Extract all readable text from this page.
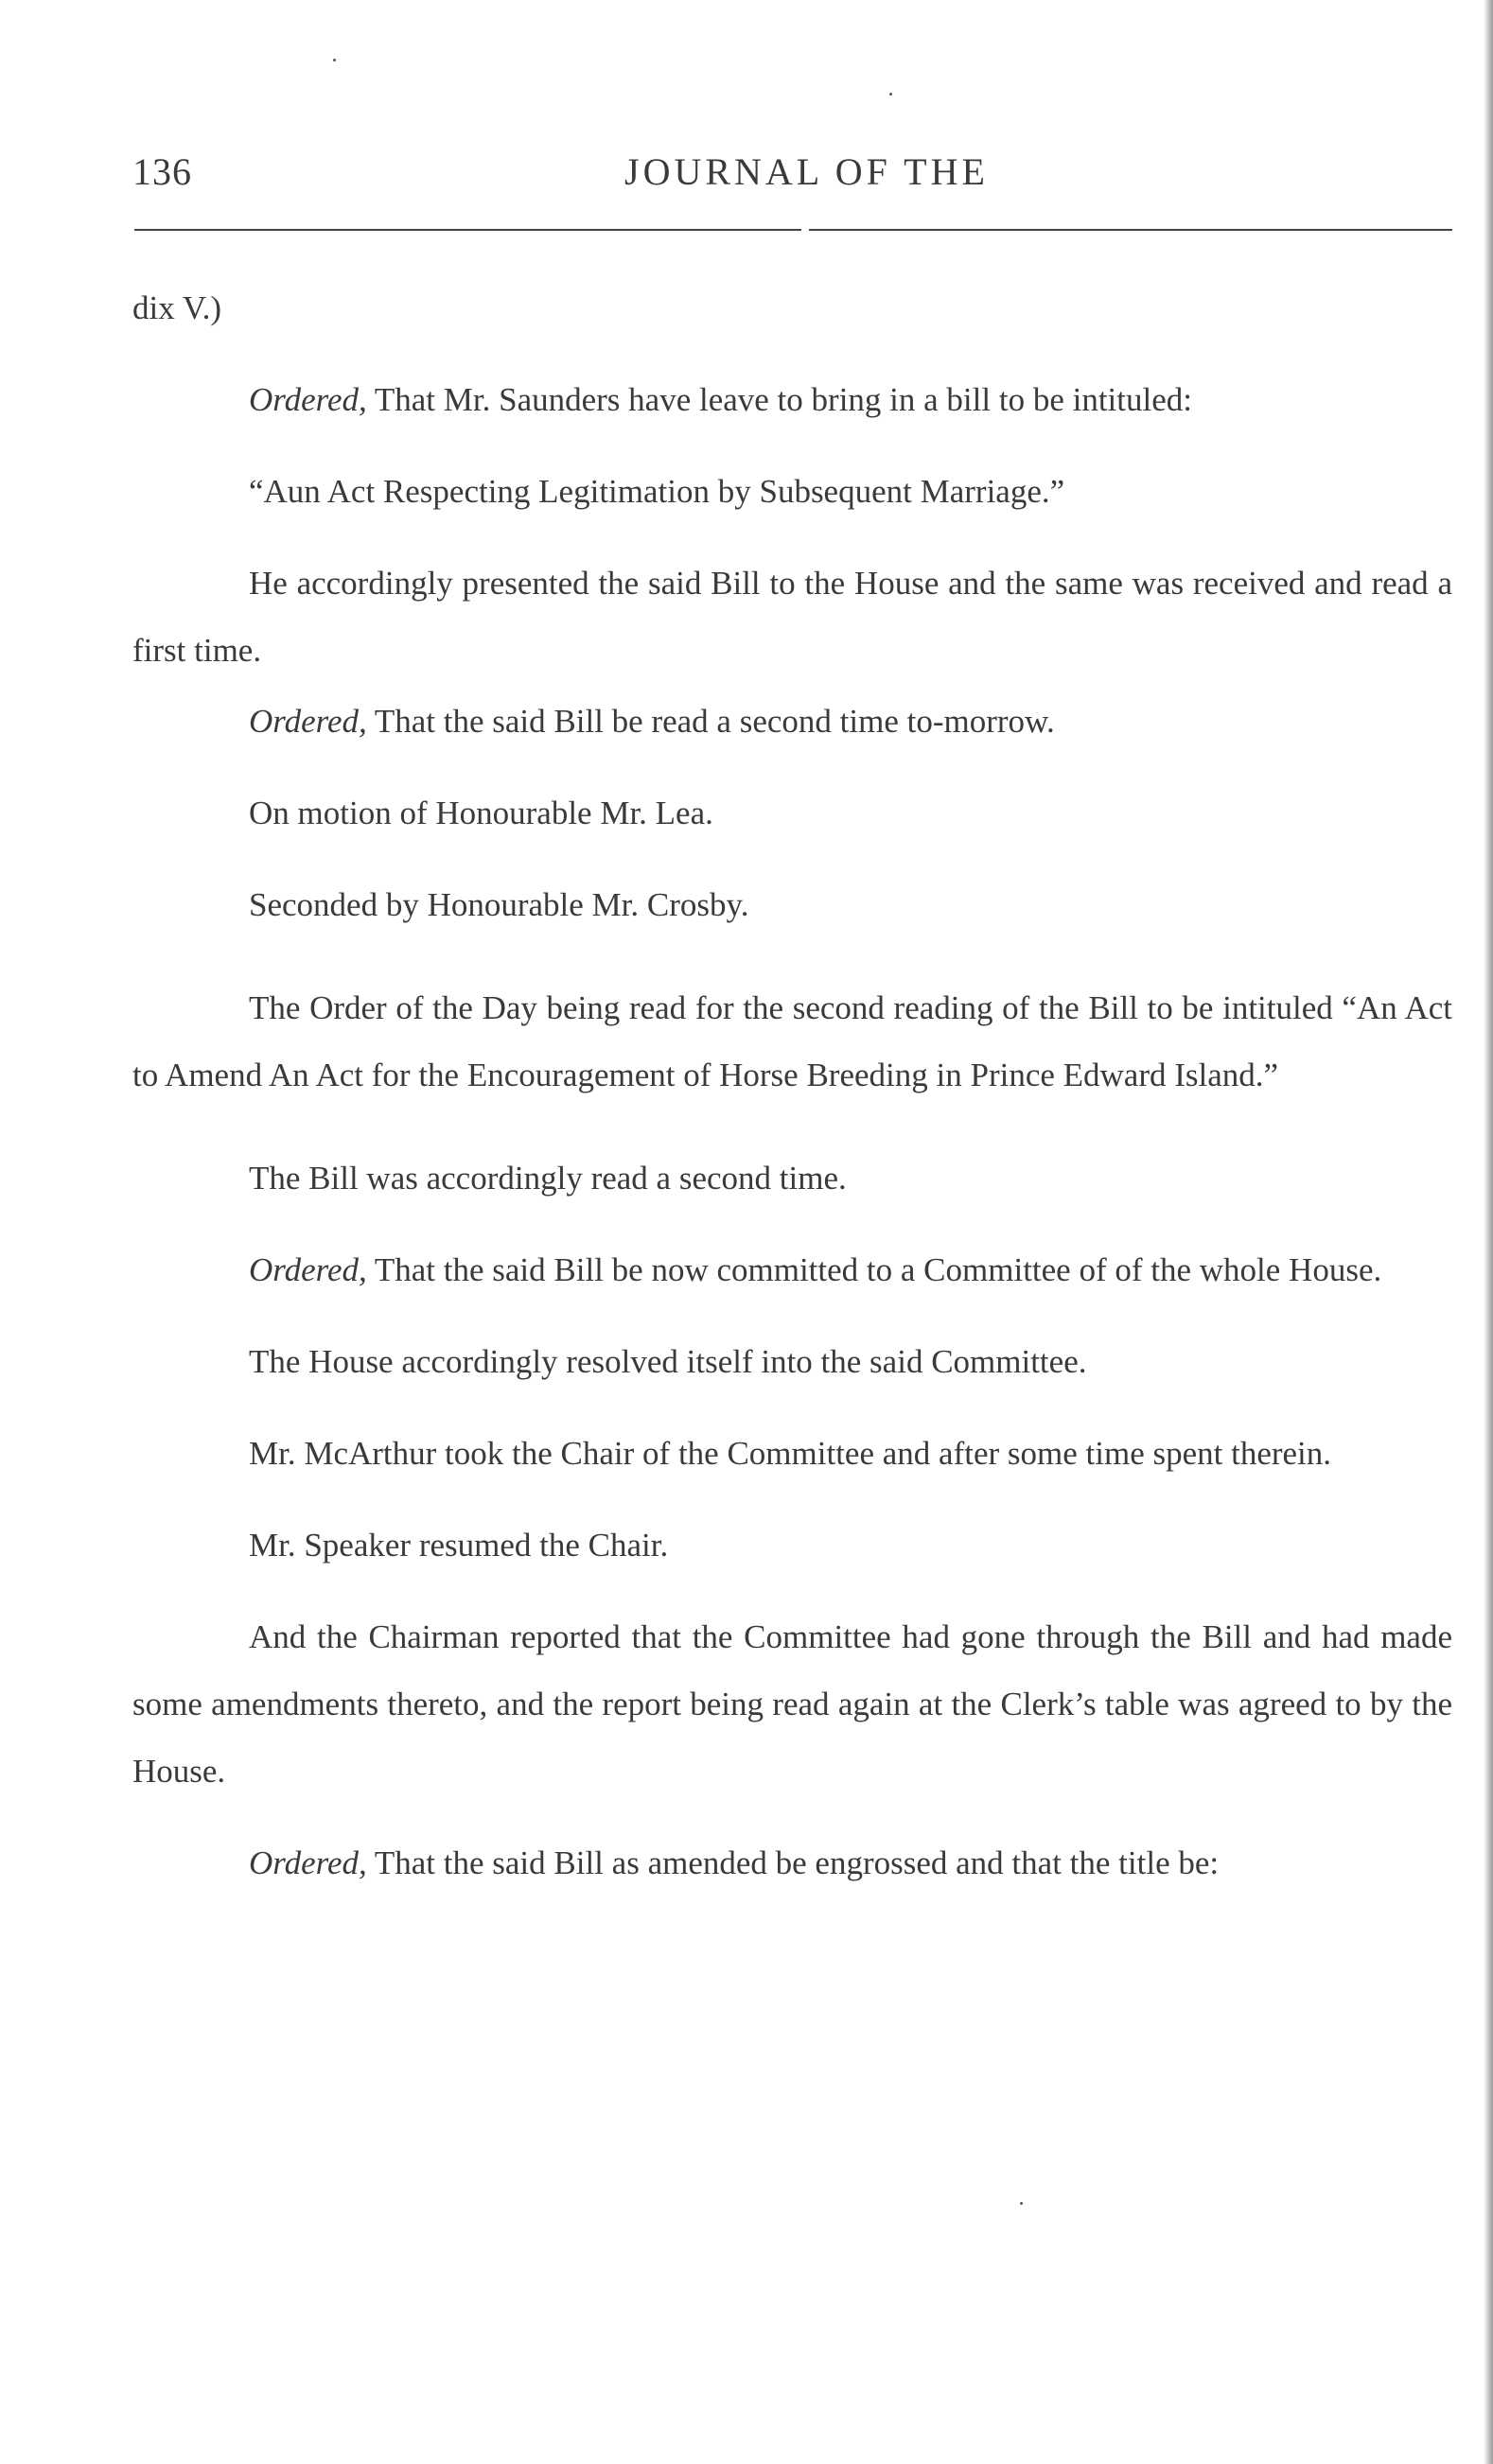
136	JOURNAL OF THE

dix V.)

Ordered, That Mr. Saunders have leave to bring in a bill to be intituled:

“Aun Act Respecting Legitimation by Subsequent Marriage.”

He accordingly presented the said Bill to the House and the same was received and read a first time.

Ordered, That the said Bill be read a second time to-morrow.

On motion of Honourable Mr. Lea.

Seconded by Honourable Mr. Crosby.

The Order of the Day being read for the second reading of the Bill to be intituled “An Act to Amend An Act for the Encouragement of Horse Breeding in Prince Edward Island.”

The Bill was accordingly read a second time.

Ordered, That the said Bill be now committed to a Committee of of the whole House.

The House accordingly resolved itself into the said Committee.

Mr. McArthur took the Chair of the Committee and after some time spent therein.

Mr. Speaker resumed the Chair.

And the Chairman reported that the Committee had gone through the Bill and had made some amendments thereto, and the report being read again at the Clerk’s table was agreed to by the House.

Ordered, That the said Bill as amended be engrossed and that the title be:
